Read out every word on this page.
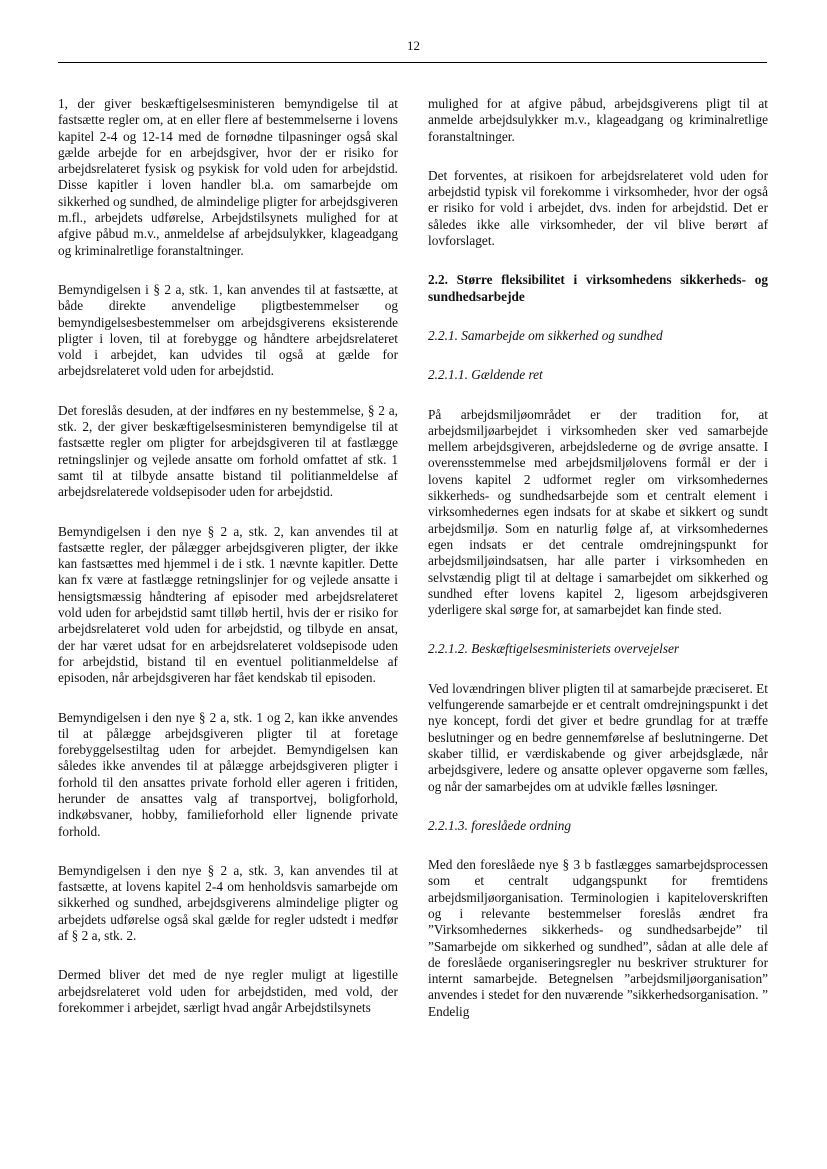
12

1, der giver beskæftigelsesministeren bemyndigelse til at fastsætte regler om, at en eller flere af bestemmelserne i lovens kapitel 2-4 og 12-14 med de fornødne tilpasninger også skal gælde arbejde for en arbejdsgiver, hvor der er risiko for arbejdsrelateret fysisk og psykisk for vold uden for arbejdstid. Disse kapitler i loven handler bl.a. om samarbejde om sikkerhed og sundhed, de almindelige pligter for arbejdsgiveren m.fl., arbejdets udførelse, Arbejdstilsynets mulighed for at afgive påbud m.v., anmeldelse af arbejdsulykker, klageadgang og kriminalretlige foranstaltninger.

Bemyndigelsen i § 2 a, stk. 1, kan anvendes til at fastsætte, at både direkte anvendelige pligtbestemmelser og bemyndigelsesbestemmelser om arbejdsgiverens eksisterende pligter i loven, til at forebygge og håndtere arbejdsrelateret vold i arbejdet, kan udvides til også at gælde for arbejdsrelateret vold uden for arbejdstid.

Det foreslås desuden, at der indføres en ny bestemmelse, § 2 a, stk. 2, der giver beskæftigelsesministeren bemyndigelse til at fastsætte regler om pligter for arbejdsgiveren til at fastlægge retningslinjer og vejlede ansatte om forhold omfattet af stk. 1 samt til at tilbyde ansatte bistand til politianmeldelse af arbejdsrelaterede voldsepisoder uden for arbejdstid.

Bemyndigelsen i den nye § 2 a, stk. 2, kan anvendes til at fastsætte regler, der pålægger arbejdsgiveren pligter, der ikke kan fastsættes med hjemmel i de i stk. 1 nævnte kapitler. Dette kan fx være at fastlægge retningslinjer for og vejlede ansatte i hensigtsmæssig håndtering af episoder med arbejdsrelateret vold uden for arbejdstid samt tilløb hertil, hvis der er risiko for arbejdsrelateret vold uden for arbejdstid, og tilbyde en ansat, der har været udsat for en arbejdsrelateret voldsepisode uden for arbejdstid, bistand til en eventuel politianmeldelse af episoden, når arbejdsgiveren har fået kendskab til episoden.

Bemyndigelsen i den nye § 2 a, stk. 1 og 2, kan ikke anvendes til at pålægge arbejdsgiveren pligter til at foretage forebyggelsestiltag uden for arbejdet. Bemyndigelsen kan således ikke anvendes til at pålægge arbejdsgiveren pligter i forhold til den ansattes private forhold eller ageren i fritiden, herunder de ansattes valg af transportvej, boligforhold, indkøbsvaner, hobby, familieforhold eller lignende private forhold.

Bemyndigelsen i den nye § 2 a, stk. 3, kan anvendes til at fastsætte, at lovens kapitel 2-4 om henholdsvis samarbejde om sikkerhed og sundhed, arbejdsgiverens almindelige pligter og arbejdets udførelse også skal gælde for regler udstedt i medfør af § 2 a, stk. 2.

Dermed bliver det med de nye regler muligt at ligestille arbejdsrelateret vold uden for arbejdstiden, med vold, der forekommer i arbejdet, særligt hvad angår Arbejdstilsynets

mulighed for at afgive påbud, arbejdsgiverens pligt til at anmelde arbejdsulykker m.v., klageadgang og kriminalretlige foranstaltninger.

Det forventes, at risikoen for arbejdsrelateret vold uden for arbejdstid typisk vil forekomme i virksomheder, hvor der også er risiko for vold i arbejdet, dvs. inden for arbejdstid. Det er således ikke alle virksomheder, der vil blive berørt af lovforslaget.

2.2. Større fleksibilitet i virksomhedens sikkerheds- og sundhedsarbejde
2.2.1. Samarbejde om sikkerhed og sundhed
2.2.1.1. Gældende ret

På arbejdsmiljøområdet er der tradition for, at arbejdsmiljøarbejdet i virksomheden sker ved samarbejde mellem arbejdsgiveren, arbejdslederne og de øvrige ansatte. I overensstemmelse med arbejdsmiljølovens formål er der i lovens kapitel 2 udformet regler om virksomhedernes sikkerheds- og sundhedsarbejde som et centralt element i virksomhedernes egen indsats for at skabe et sikkert og sundt arbejdsmiljø. Som en naturlig følge af, at virksomhedernes egen indsats er det centrale omdrejningspunkt for arbejdsmiljøindsatsen, har alle parter i virksomheden en selvstændig pligt til at deltage i samarbejdet om sikkerhed og sundhed efter lovens kapitel 2, ligesom arbejdsgiveren yderligere skal sørge for, at samarbejdet kan finde sted.

2.2.1.2. Beskæftigelsesministeriets overvejelser

Ved lovændringen bliver pligten til at samarbejde præciseret. Et velfungerende samarbejde er et centralt omdrejningspunkt i det nye koncept, fordi det giver et bedre grundlag for at træffe beslutninger og en bedre gennemførelse af beslutningerne. Det skaber tillid, er værdiskabende og giver arbejdsglæde, når arbejdsgivere, ledere og ansatte oplever opgaverne som fælles, og når der samarbejdes om at udvikle fælles løsninger.

2.2.1.3. foreslåede ordning

Med den foreslåede nye § 3 b fastlægges samarbejdsprocessen som et centralt udgangspunkt for fremtidens arbejdsmiljøorganisation. Terminologien i kapiteloverskriften og i relevante bestemmelser foreslås ændret fra ”Virksomhedernes sikkerheds- og sundhedsarbejde” til ”Samarbejde om sikkerhed og sundhed”, sådan at alle dele af de foreslåede organiseringsregler nu beskriver strukturer for internt samarbejde. Betegnelsen ”arbejdsmiljøorganisation” anvendes i stedet for den nuværende ”sikkerhedsorganisation. ” Endelig
